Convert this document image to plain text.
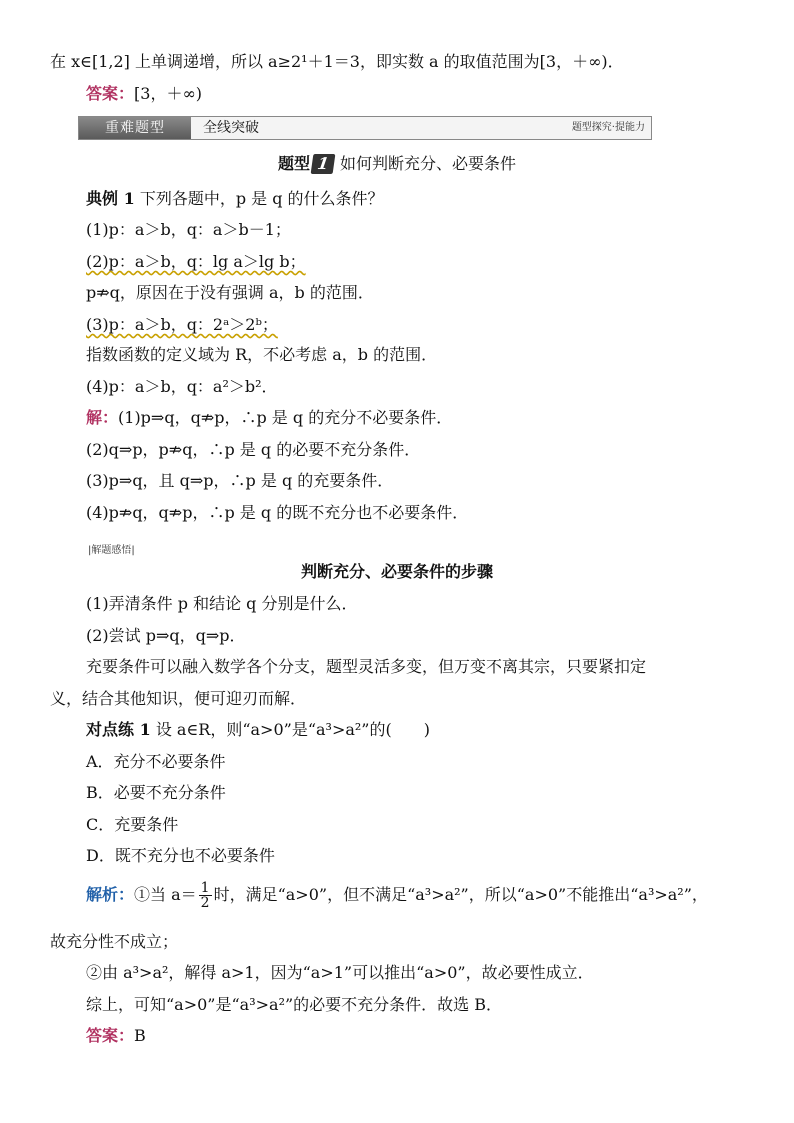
在 x∈[1,2] 上单调递增，所以 a≥2¹＋1＝3，即实数 a 的取值范围为[3，＋∞)．
答案：[3，＋∞)
重难题型	全线突破	题型探究·提能力
题型 1 如何判断充分、必要条件
典例 1 下列各题中，p 是 q 的什么条件？
(1)p：a＞b，q：a＞b－1；
(2)p：a＞b，q：lg a＞lg b；
p⇏q，原因在于没有强调 a，b 的范围．
(3)p：a＞b，q：2ᵃ＞2ᵇ；
指数函数的定义域为 R，不必考虑 a，b 的范围．
(4)p：a＞b，q：a²＞b²．
解：(1)p⇒q，q⇏p，∴p 是 q 的充分不必要条件．
(2)q⇒p，p⇏q，∴p 是 q 的必要不充分条件．
(3)p⇒q，且 q⇒p，∴p 是 q 的充要条件．
(4)p⇏q，q⇏p，∴p 是 q 的既不充分也不必要条件．
|解题感悟|
判断充分、必要条件的步骤
(1)弄清条件 p 和结论 q 分别是什么．
(2)尝试 p⇒q，q⇒p．
充要条件可以融入数学各个分支，题型灵活多变，但万变不离其宗，只要紧扣定
义，结合其他知识，便可迎刃而解．
对点练 1 设 a∈R，则“a>0”是“a³>a²”的(　　)
A．充分不必要条件
B．必要不充分条件
C．充要条件
D．既不充分也不必要条件
解析：①当 $a= \frac{1}{2}$ 时，满足“a>0”，但不满足“a³>a²”，所以“a>0”不能推出“a³>a²”，
故充分性不成立；
②由 a³>a²，解得 a>1，因为“a>1”可以推出“a>0”，故必要性成立．
综上，可知“a>0”是“a³>a²”的必要不充分条件．故选 B．
答案：B
